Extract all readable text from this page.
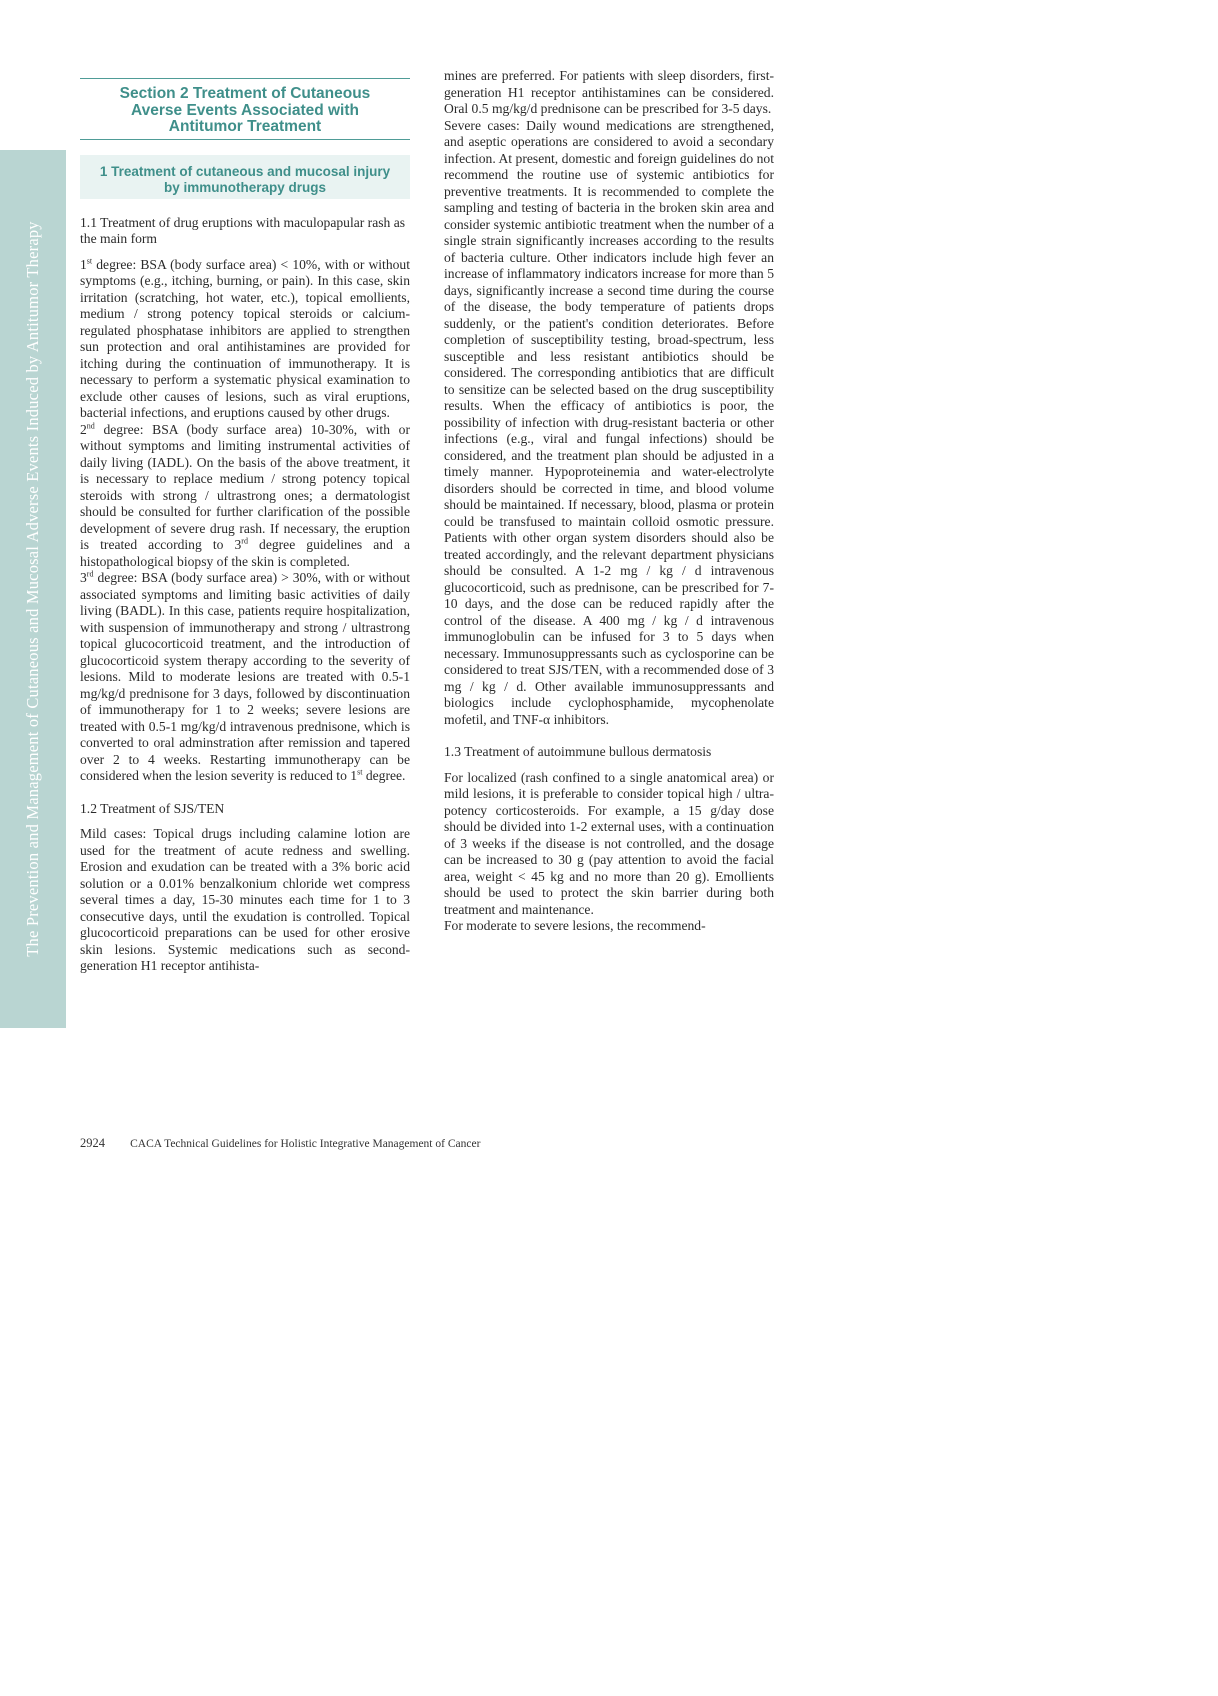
The Prevention and Management of Cutaneous and Mucosal Adverse Events Induced by Antitumor Therapy
Section 2 Treatment of Cutaneous
Averse Events Associated with
Antitumor Treatment
1 Treatment of cutaneous and mucosal injury
by immunotherapy drugs

1.1 Treatment of drug eruptions with maculopapular rash as the main form

1st degree: BSA (body surface area) < 10%, with or without symptoms (e.g., itching, burning, or pain). In this case, skin irritation (scratching, hot water, etc.), topical emollients, medium / strong potency topical steroids or calcium-regulated phosphatase inhibitors are applied to strengthen sun protection and oral antihistamines are provided for itching during the continuation of immunotherapy. It is necessary to perform a systematic physical examination to exclude other causes of lesions, such as viral eruptions, bacterial infections, and eruptions caused by other drugs.

2nd degree: BSA (body surface area) 10-30%, with or without symptoms and limiting instrumental activities of daily living (IADL). On the basis of the above treatment, it is necessary to replace medium / strong potency topical steroids with strong / ultrastrong ones; a dermatologist should be consulted for further clarification of the possible development of severe drug rash. If necessary, the eruption is treated according to 3rd degree guidelines and a histopathological biopsy of the skin is completed.

3rd degree: BSA (body surface area) > 30%, with or without associated symptoms and limiting basic activities of daily living (BADL). In this case, patients require hospitalization, with suspension of immunotherapy and strong / ultrastrong topical glucocorticoid treatment, and the introduction of glucocorticoid system therapy according to the severity of lesions. Mild to moderate lesions are treated with 0.5-1 mg/kg/d prednisone for 3 days, followed by discontinuation of immunotherapy for 1 to 2 weeks; severe lesions are treated with 0.5-1 mg/kg/d intravenous prednisone, which is converted to oral adminstration after remission and tapered over 2 to 4 weeks. Restarting immunotherapy can be considered when the lesion severity is reduced to 1st degree.

1.2 Treatment of SJS/TEN

Mild cases: Topical drugs including calamine lotion are used for the treatment of acute redness and swelling. Erosion and exudation can be treated with a 3% boric acid solution or a 0.01% benzalkonium chloride wet compress several times a day, 15-30 minutes each time for 1 to 3 consecutive days, until the exudation is controlled. Topical glucocorticoid preparations can be used for other erosive skin lesions. Systemic medications such as second-generation H1 receptor antihista-

mines are preferred. For patients with sleep disorders, first-generation H1 receptor antihistamines can be considered. Oral 0.5 mg/kg/d prednisone can be prescribed for 3-5 days.

Severe cases: Daily wound medications are strengthened, and aseptic operations are considered to avoid a secondary infection. At present, domestic and foreign guidelines do not recommend the routine use of systemic antibiotics for preventive treatments. It is recommended to complete the sampling and testing of bacteria in the broken skin area and consider systemic antibiotic treatment when the number of a single strain significantly increases according to the results of bacteria culture. Other indicators include high fever an increase of inflammatory indicators increase for more than 5 days, significantly increase a second time during the course of the disease, the body temperature of patients drops suddenly, or the patient's condition deteriorates. Before completion of susceptibility testing, broad-spectrum, less susceptible and less resistant antibiotics should be considered. The corresponding antibiotics that are difficult to sensitize can be selected based on the drug susceptibility results. When the efficacy of antibiotics is poor, the possibility of infection with drug-resistant bacteria or other infections (e.g., viral and fungal infections) should be considered, and the treatment plan should be adjusted in a timely manner. Hypoproteinemia and water-electrolyte disorders should be corrected in time, and blood volume should be maintained. If necessary, blood, plasma or protein could be transfused to maintain colloid osmotic pressure. Patients with other organ system disorders should also be treated accordingly, and the relevant department physicians should be consulted. A 1-2 mg / kg / d intravenous glucocorticoid, such as prednisone, can be prescribed for 7-10 days, and the dose can be reduced rapidly after the control of the disease. A 400 mg / kg / d intravenous immunoglobulin can be infused for 3 to 5 days when necessary. Immunosuppressants such as cyclosporine can be considered to treat SJS/TEN, with a recommended dose of 3 mg / kg / d. Other available immunosuppressants and biologics include cyclophosphamide, mycophenolate mofetil, and TNF-α inhibitors.

1.3 Treatment of autoimmune bullous dermatosis

For localized (rash confined to a single anatomical area) or mild lesions, it is preferable to consider topical high / ultra-potency corticosteroids. For example, a 15 g/day dose should be divided into 1-2 external uses, with a continuation of 3 weeks if the disease is not controlled, and the dosage can be increased to 30 g (pay attention to avoid the facial area, weight < 45 kg and no more than 20 g). Emollients should be used to protect the skin barrier during both treatment and maintenance.

For moderate to severe lesions, the recommend-

2924 CACA Technical Guidelines for Holistic Integrative Management of Cancer
